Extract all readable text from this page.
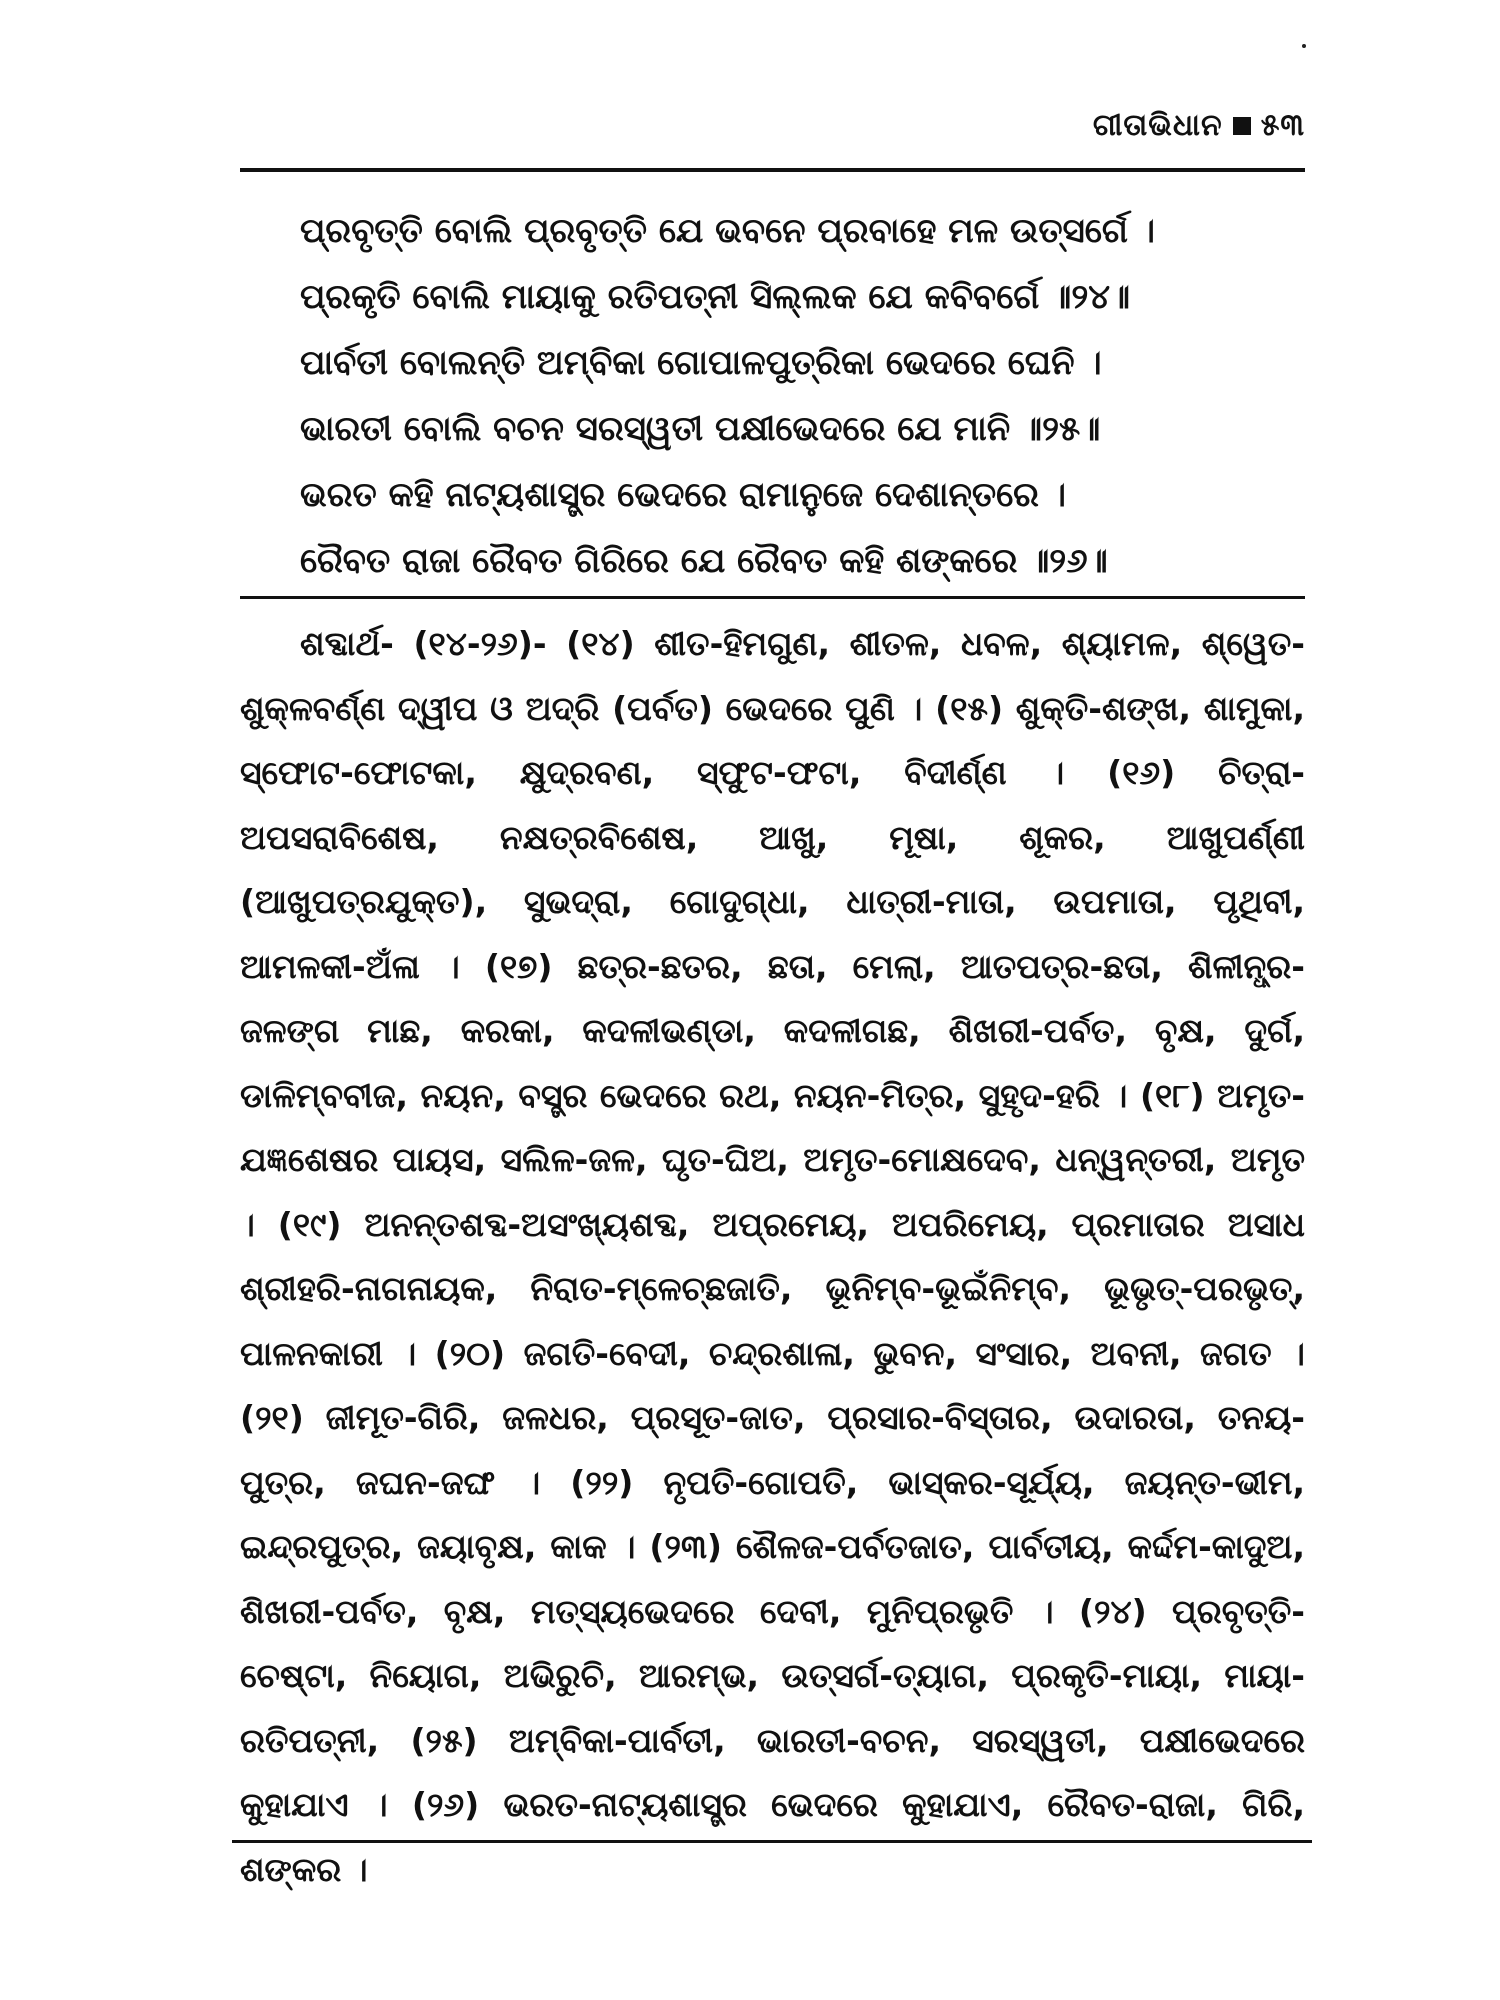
ଗୀତାଭିଧାନ ୫୩
ପ୍ରବୃତ୍ତି ବୋଲି ପ୍ରବୃତ୍ତି ଯେ ଭବନେ ପ୍ରବାହେ ମଳ ଉତ୍ସର୍ଗେ ।
ପ୍ରକୃତି ବୋଲି ମାୟାକୁ ରତିପତ୍ନୀ ସିଲ୍ଲକ ଯେ କବିବର୍ଗେ ॥୨୪॥
ପାର୍ବତୀ ବୋଲନ୍ତି ଅମ୍ବିକା ଗୋପାଳପୁତ୍ରିକା ଭେଦରେ ଘେନି ।
ଭାରତୀ ବୋଲି ବଚନ ସରସ୍ୱତୀ ପକ୍ଷୀଭେଦରେ ଯେ ମାନି ॥୨୫॥
ଭରତ କହି ନାଟ୍ୟଶାସ୍ତ୍ର ଭେଦରେ ରାମାନୁଜେ ଦେଶାନ୍ତରେ ।
ରୈବତ ରାଜା ରୈବତ ଗିରିରେ ଯେ ରୈବତ କହି ଶଙ୍କରେ ॥୨୬॥
ଶବ୍ଦାର୍ଥ- (୧୪-୨୬)- (୧୪) ଶୀତ-ହିମଗୁଣ, ଶୀତଳ, ଧବଳ, ଶ୍ୟାମଳ, ଶ୍ୱେତ-ଶୁକ୍ଳବର୍ଣ୍ଣ ଦ୍ୱୀପ ଓ ଅଦ୍ରି (ପର୍ବତ) ଭେଦରେ ପୁଣି । (୧୫) ଶୁକ୍ତି-ଶଙ୍ଖ, ଶାମୁକା, ସ୍ଫୋଟ-ଫୋଟକା, କ୍ଷୁଦ୍ରବଣ, ସ୍ଫୁଟ-ଫଟା, ବିଦୀର୍ଣ୍ଣ । (୧୬) ଚିତ୍ରା-ଅପସରାବିଶେଷ, ନକ୍ଷତ୍ରବିଶେଷ, ଆଖୁ, ମୂଷା, ଶୂକର, ଆଖୁପର୍ଣ୍ଣୀ (ଆଖୁପତ୍ରଯୁକ୍ତ), ସୁଭଦ୍ରା, ଗୋଦୁଗ୍ଧା, ଧାତ୍ରୀ-ମାତା, ଉପମାତା, ପୃଥିବୀ, ଆମଳକୀ-ଅଁଳା । (୧୭) ଛତ୍ର-ଛତର, ଛତା, ମେଲା, ଆତପତ୍ର-ଛତା, ଶିଳୀନ୍ଧ୍ର-ଜଳଙ୍ଗ ମାଛ, କରକା, କଦଳୀଭଣ୍ଡା, କଦଳୀଗଛ, ଶିଖରୀ-ପର୍ବତ, ବୃକ୍ଷ, ଦୁର୍ଗ, ଡାଳିମ୍ବବୀଜ, ନୟନ, ବସ୍ତ୍ର ଭେଦରେ ରଥ, ନୟନ-ମିତ୍ର, ସୁହୃଦ-ହରି । (୧୮) ଅମୃତ-ଯଜ୍ଞଶେଷର ପାୟସ, ସଲିଳ-ଜଳ, ଘୃତ-ଘିଅ, ଅମୃତ-ମୋକ୍ଷଦେବ, ଧନ୍ୱନ୍ତରୀ, ଅମୃତ । (୧୯) ଅନନ୍ତଶବ୍ଦ-ଅସଂଖ୍ୟଶବ୍ଦ, ଅପ୍ରମେୟ, ଅପରିମେୟ, ପ୍ରମାତାର ଅସାଧ ଶ୍ରୀହରି-ନାଗନାୟକ, ନିରାତ-ମ୍ଳେଚ୍ଛଜାତି, ଭୂନିମ୍ବ-ଭୂଇଁନିମ୍ବ, ଭୂଭୃତ୍-ପରଭୃତ୍, ପାଳନକାରୀ । (୨୦) ଜଗତି-ବେଦୀ, ଚନ୍ଦ୍ରଶାଳା, ଭୁବନ, ସଂସାର, ଅବନୀ, ଜଗତ । (୨୧) ଜୀମୂତ-ଗିରି, ଜଳଧର, ପ୍ରସୂତ-ଜାତ, ପ୍ରସାର-ବିସ୍ତାର, ଉଦାରତା, ତନୟ-ପୁତ୍ର, ଜଘନ-ଜଙ୍ଘ । (୨୨) ନୃପତି-ଗୋପତି, ଭାସ୍କର-ସୂର୍ଯ୍ୟ, ଜୟନ୍ତ-ଭୀମ, ଇନ୍ଦ୍ରପୁତ୍ର, ଜୟାବୃକ୍ଷ, କାକ । (୨୩) ଶୈଳଜ-ପର୍ବତଜାତ, ପାର୍ବତୀୟ, କର୍ଦ୍ଦମ-କାଦୁଅ, ଶିଖରୀ-ପର୍ବତ, ବୃକ୍ଷ, ମତ୍ସ୍ୟଭେଦରେ ଦେବୀ, ମୁନିପ୍ରଭୃତି । (୨୪) ପ୍ରବୃତ୍ତି-ଚେଷ୍ଟା, ନିୟୋଗ, ଅଭିରୁଚି, ଆରମ୍ଭ, ଉତ୍ସର୍ଗ-ତ୍ୟାଗ, ପ୍ରକୃତି-ମାୟା, ମାୟା-ରତିପତ୍ନୀ, (୨୫) ଅମ୍ବିକା-ପାର୍ବତୀ, ଭାରତୀ-ବଚନ, ସରସ୍ୱତୀ, ପକ୍ଷୀଭେଦରେ କୁହାଯାଏ । (୨୬) ଭରତ-ନାଟ୍ୟଶାସ୍ତ୍ର ଭେଦରେ କୁହାଯାଏ, ରୈବତ-ରାଜା, ଗିରି, ଶଙ୍କର ।
